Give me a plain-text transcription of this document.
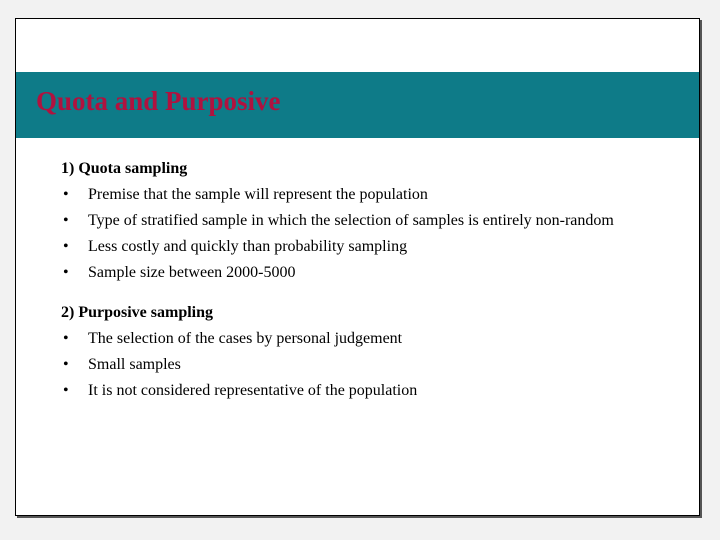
Quota and Purposive
1) Quota sampling
• Premise that the sample will represent the population
• Type of stratified sample in which the selection of samples is entirely non-random
• Less costly and quickly than probability sampling
• Sample size between 2000-5000
2) Purposive sampling
• The selection of the cases by personal judgement
• Small samples
• It is not considered representative of the population
